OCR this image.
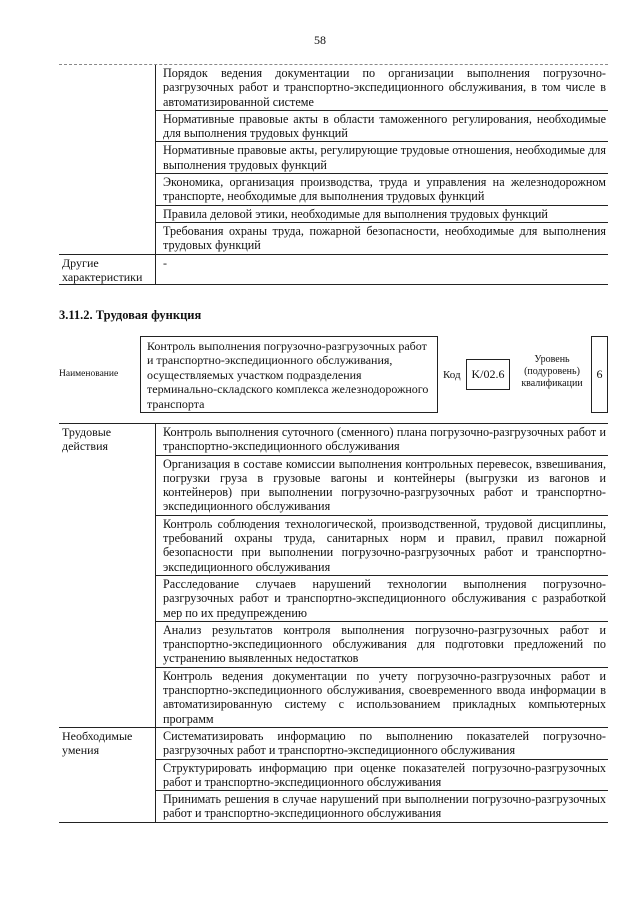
58
Порядок ведения документации по организации выполнения погрузочно-разгрузочных работ и транспортно-экспедиционного обслуживания, в том числе в автоматизированной системе
Нормативные правовые акты в области таможенного регулирования, необходимые для выполнения трудовых функций
Нормативные правовые акты, регулирующие трудовые отношения, необходимые для выполнения трудовых функций
Экономика, организация производства, труда и управления на железнодорожном транспорте, необходимые для выполнения трудовых функций
Правила деловой этики, необходимые для выполнения трудовых функций
Требования охраны труда, пожарной безопасности, необходимые для выполнения трудовых функций
Другие характеристики
-
3.11.2. Трудовая функция
Наименование
Контроль выполнения погрузочно-разгрузочных работ и транспортно-экспедиционного обслуживания, осуществляемых участком подразделения терминально-складского комплекса железнодорожного транспорта
Код K/02.6
Уровень (подуровень) квалификации
6
Трудовые действия
Контроль выполнения суточного (сменного) плана погрузочно-разгрузочных работ и транспортно-экспедиционного обслуживания
Организация в составе комиссии выполнения контрольных перевесок, взвешивания, погрузки груза в грузовые вагоны и контейнеры (выгрузки из вагонов и контейнеров) при выполнении погрузочно-разгрузочных работ и транспортно-экспедиционного обслуживания
Контроль соблюдения технологической, производственной, трудовой дисциплины, требований охраны труда, санитарных норм и правил, правил пожарной безопасности при выполнении погрузочно-разгрузочных работ и транспортно-экспедиционного обслуживания
Расследование случаев нарушений технологии выполнения погрузочно-разгрузочных работ и транспортно-экспедиционного обслуживания с разработкой мер по их предупреждению
Анализ результатов контроля выполнения погрузочно-разгрузочных работ и транспортно-экспедиционного обслуживания для подготовки предложений по устранению выявленных недостатков
Контроль ведения документации по учету погрузочно-разгрузочных работ и транспортно-экспедиционного обслуживания, своевременного ввода информации в автоматизированную систему с использованием прикладных компьютерных программ
Необходимые умения
Систематизировать информацию по выполнению показателей погрузочно-разгрузочных работ и транспортно-экспедиционного обслуживания
Структурировать информацию при оценке показателей погрузочно-разгрузочных работ и транспортно-экспедиционного обслуживания
Принимать решения в случае нарушений при выполнении погрузочно-разгрузочных работ и транспортно-экспедиционного обслуживания
